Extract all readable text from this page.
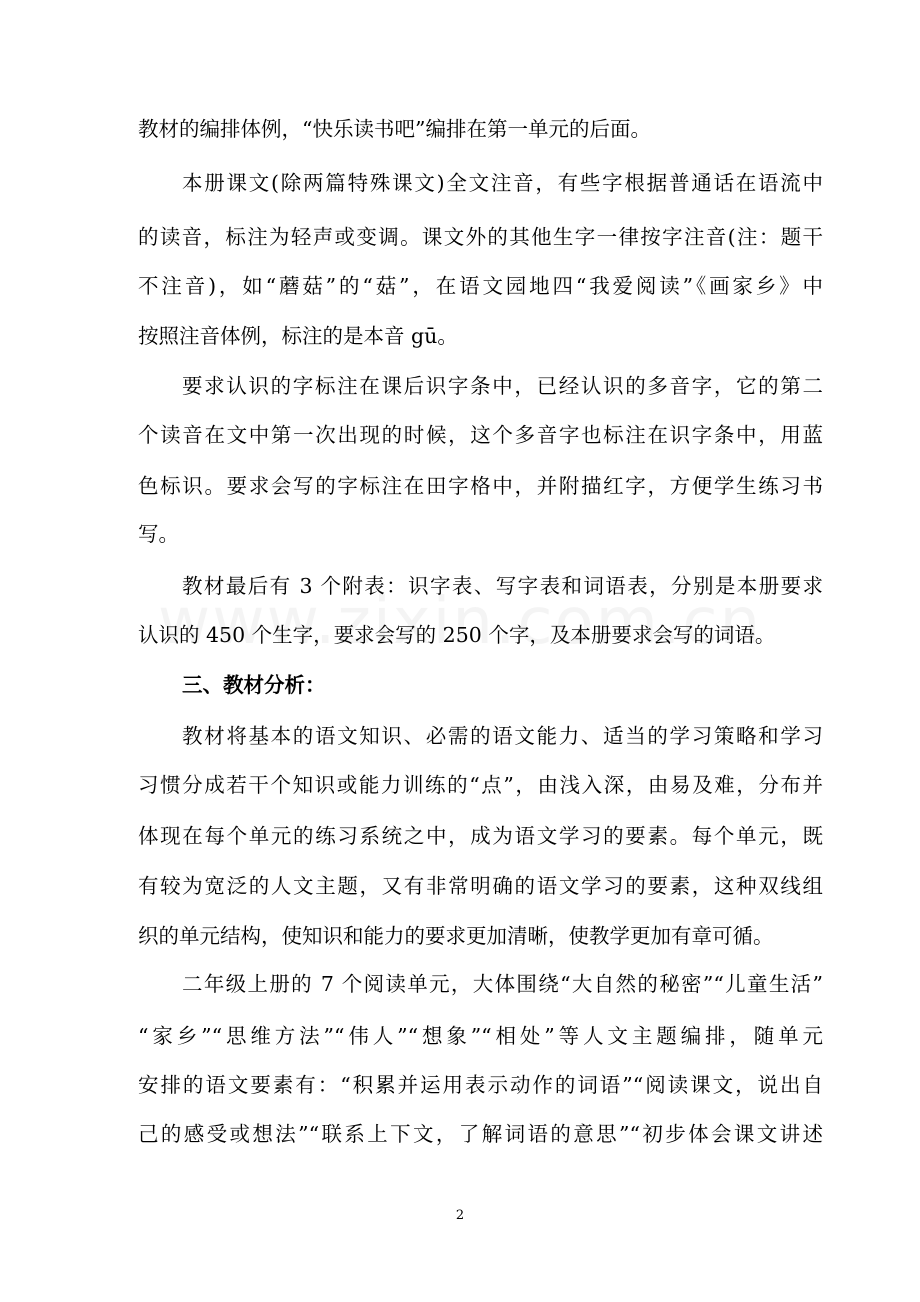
教材的编排体例，“快乐读书吧”编排在第一单元的后面。
本册课文(除两篇特殊课文)全文注音，有些字根据普通话在语流中
的读音，标注为轻声或变调。课文外的其他生字一律按字注音(注：题干
不注音)，如“蘑菇”的“菇”，在语文园地四“我爱阅读”《画家乡》中
按照注音体例，标注的是本音 gū。
要求认识的字标注在课后识字条中，已经认识的多音字，它的第二
个读音在文中第一次出现的时候，这个多音字也标注在识字条中，用蓝
色标识。要求会写的字标注在田字格中，并附描红字，方便学生练习书
写。
教材最后有 3 个附表：识字表、写字表和词语表，分别是本册要求
认识的 450 个生字，要求会写的 250 个字，及本册要求会写的词语。
三、教材分析：
教材将基本的语文知识、必需的语文能力、适当的学习策略和学习
习惯分成若干个知识或能力训练的“点”，由浅入深，由易及难，分布并
体现在每个单元的练习系统之中，成为语文学习的要素。每个单元，既
有较为宽泛的人文主题，又有非常明确的语文学习的要素，这种双线组
织的单元结构，使知识和能力的要求更加清晰，使教学更加有章可循。
二年级上册的 7 个阅读单元，大体围绕“大自然的秘密”“儿童生活”
“家乡”“思维方法”“伟人”“想象”“相处”等人文主题编排，随单元
安排的语文要素有：“积累并运用表示动作的词语”“阅读课文，说出自
己的感受或想法”“联系上下文，了解词语的意思”“初步体会课文讲述
2
